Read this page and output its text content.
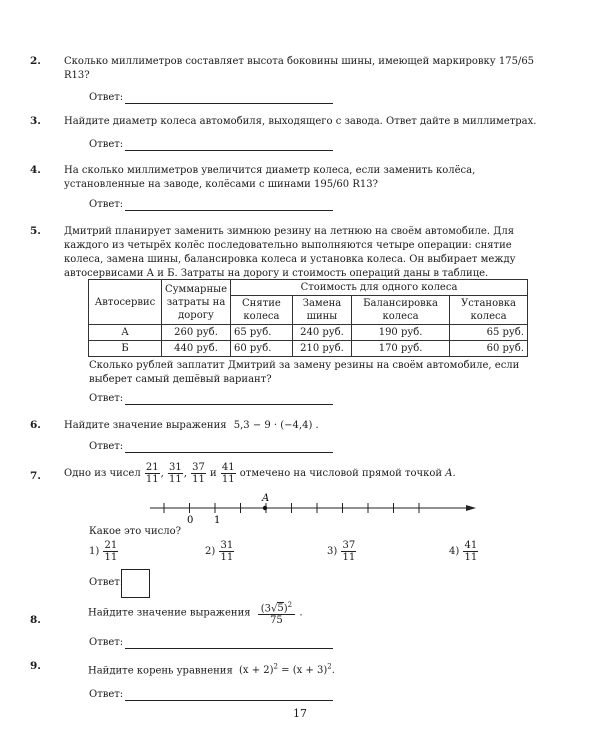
2. Сколько миллиметров составляет высота боковины шины, имеющей маркировку 175/65 R13?
Ответ:
3. Найдите диаметр колеса автомобиля, выходящего с завода. Ответ дайте в миллиметрах.
Ответ:
4. На сколько миллиметров увеличится диаметр колеса, если заменить колёса, установленные на заводе, колёсами с шинами 195/60 R13?
Ответ:
5. Дмитрий планирует заменить зимнюю резину на летнюю на своём автомобиле. Для каждого из четырёх колёс последовательно выполняются четыре операции: снятие колеса, замена шины, балансировка колеса и установка колеса. Он выбирает между автосервисами А и Б. Затраты на дорогу и стоимость операций даны в таблице.
Автосервис	Суммарные затраты на дорогу	Стоимость для одного колеса			
		Снятие колеса	Замена шины	Балансировка колеса	Установка колеса
А	260 руб.	65 руб.	240 руб.	190 руб.	65 руб.
Б	440 руб.	60 руб.	210 руб.	170 руб.	60 руб.
Сколько рублей заплатит Дмитрий за замену резины на своём автомобиле, если выберет самый дешёвый вариант?
Ответ:
6. Найдите значение выражения 5,3 − 9 · (−4,4) .
Ответ:
7. Одно из чисел $\frac{21}{11}$ , $\frac{31}{11}$ , $\frac{37}{11}$ и $\frac{41}{11}$ отмечено на числовой прямой точкой A.
A
0 1
Какое это число?
$1) \frac{21}{11}$	$2) \frac{31}{11}$	$3) \frac{37}{11}$	$4) \frac{41}{11}$
Ответ:
8.
Найдите значение выражения $\frac{(3√5)^2}{75}$ .
Ответ:
9.	Найдите корень уравнения $(x + 2)^2 = (x + 3)^2$.
Ответ:
17
